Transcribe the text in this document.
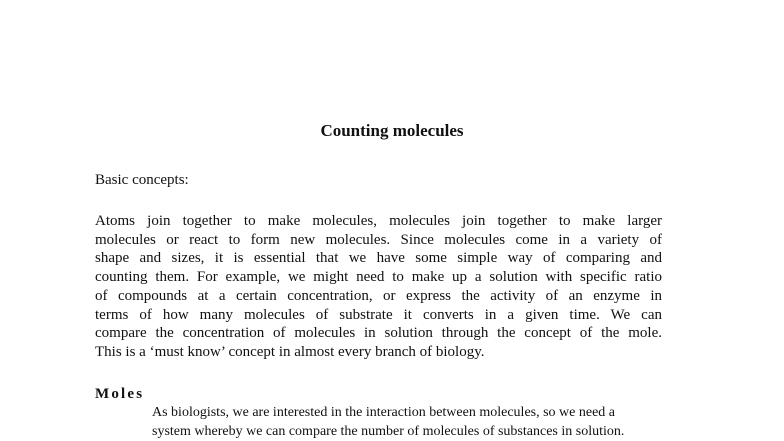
Counting molecules

Basic concepts:

Atoms join together to make molecules, molecules join together to make larger
molecules or react to form new molecules. Since molecules come in a variety of
shape and sizes, it is essential that we have some simple way of comparing and
counting them. For example, we might need to make up a solution with specific ratio
of compounds at a certain concentration, or express the activity of an enzyme in
terms of how many molecules of substrate it converts in a given time. We can
compare the concentration of molecules in solution through the concept of the mole.
This is a ‘must know’ concept in almost every branch of biology.

Moles

As biologists, we are interested in the interaction between molecules, so we need a
system whereby we can compare the number of molecules of substances in solution.
